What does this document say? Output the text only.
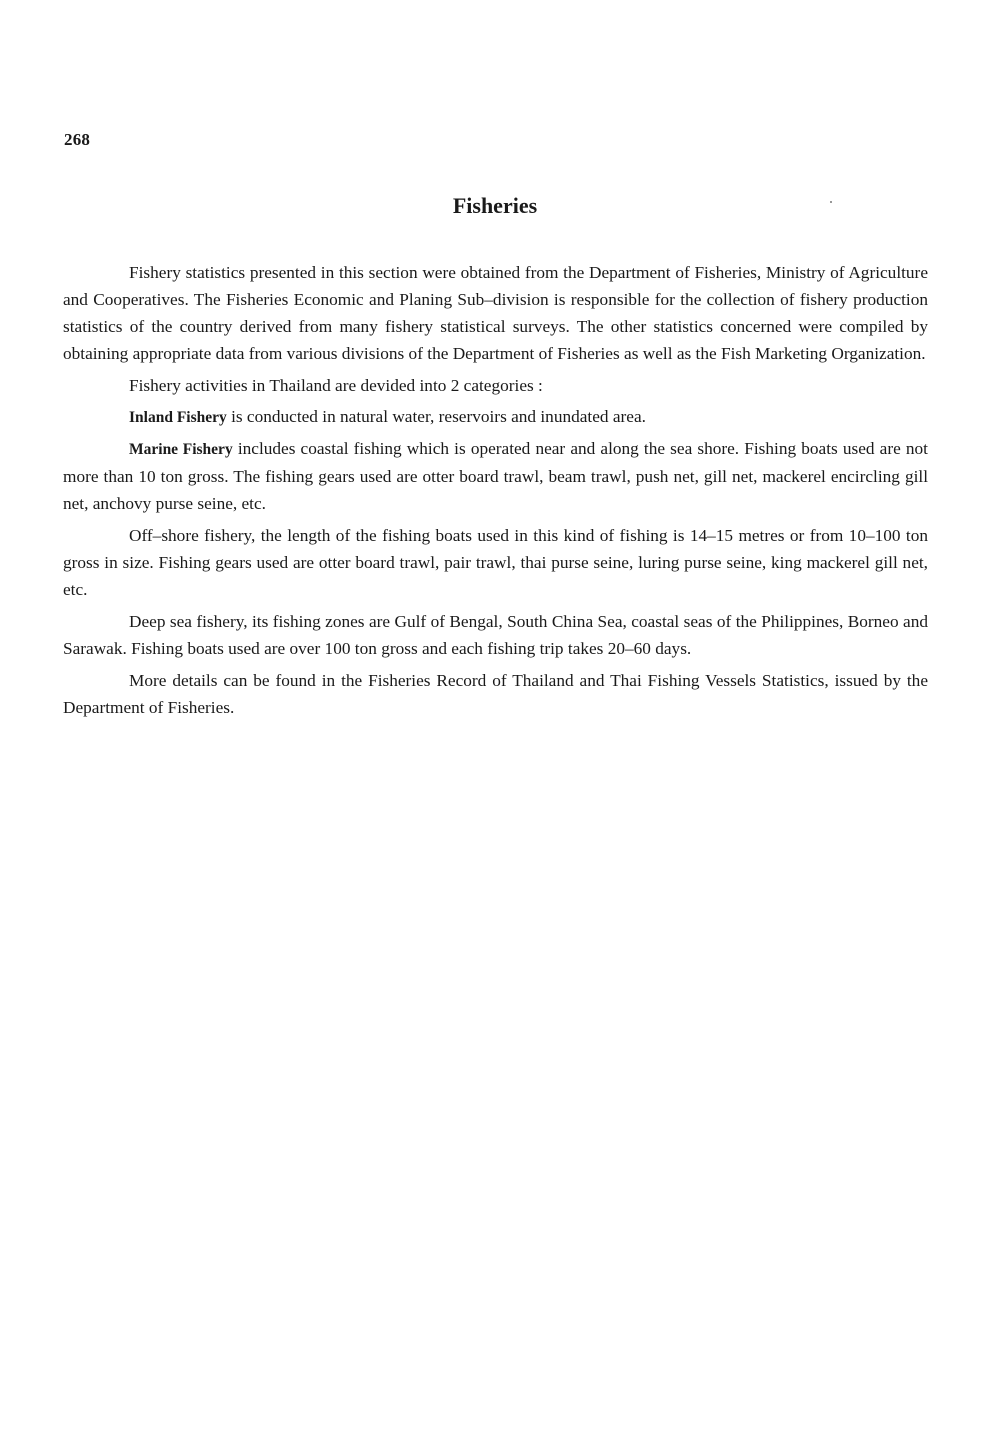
268
Fisheries

Fishery statistics presented in this section were obtained from the Department of Fisheries, Ministry of Agriculture and Cooperatives. The Fisheries Economic and Planing Sub–division is responsible for the collection of fishery production statistics of the country derived from many fishery statistical surveys. The other statistics concerned were compiled by obtaining appropriate data from various divisions of the Department of Fisheries as well as the Fish Marketing Organization.

Fishery activities in Thailand are devided into 2 categories :

Inland Fishery is conducted in natural water, reservoirs and inundated area.

Marine Fishery includes coastal fishing which is operated near and along the sea shore. Fishing boats used are not more than 10 ton gross. The fishing gears used are otter board trawl, beam trawl, push net, gill net, mackerel encircling gill net, anchovy purse seine, etc.

Off–shore fishery, the length of the fishing boats used in this kind of fishing is 14–15 metres or from 10–100 ton gross in size. Fishing gears used are otter board trawl, pair trawl, thai purse seine, luring purse seine, king mackerel gill net, etc.

Deep sea fishery, its fishing zones are Gulf of Bengal, South China Sea, coastal seas of the Philippines, Borneo and Sarawak. Fishing boats used are over 100 ton gross and each fishing trip takes 20–60 days.

More details can be found in the Fisheries Record of Thailand and Thai Fishing Vessels Statistics, issued by the Department of Fisheries.
